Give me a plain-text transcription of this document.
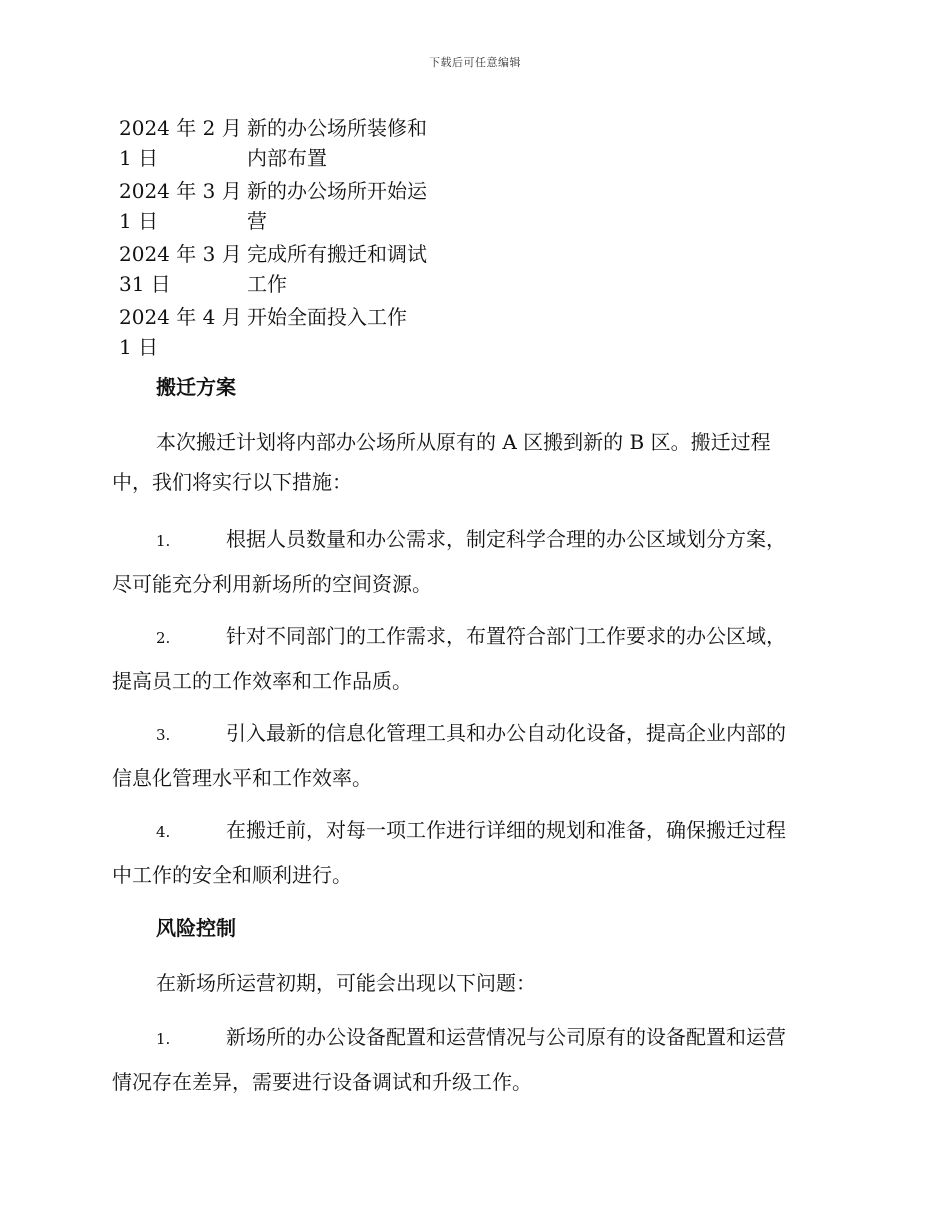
下载后可任意编辑
2024 年 2 月
1 日	新的办公场所装修和
内部布置
2024 年 3 月
1 日	新的办公场所开始运
营
2024 年 3 月
31 日	完成所有搬迁和调试
工作
2024 年 4 月
1 日	开始全面投入工作
搬迁方案
本次搬迁计划将内部办公场所从原有的 A 区搬到新的 B 区。搬迁过程
中，我们将实行以下措施：
1.	根据人员数量和办公需求，制定科学合理的办公区域划分方案，
尽可能充分利用新场所的空间资源。
2.	针对不同部门的工作需求，布置符合部门工作要求的办公区域，
提高员工的工作效率和工作品质。
3.	引入最新的信息化管理工具和办公自动化设备，提高企业内部的
信息化管理水平和工作效率。
4.	在搬迁前，对每一项工作进行详细的规划和准备，确保搬迁过程
中工作的安全和顺利进行。
风险控制
在新场所运营初期，可能会出现以下问题：
1.	新场所的办公设备配置和运营情况与公司原有的设备配置和运营
情况存在差异，需要进行设备调试和升级工作。
